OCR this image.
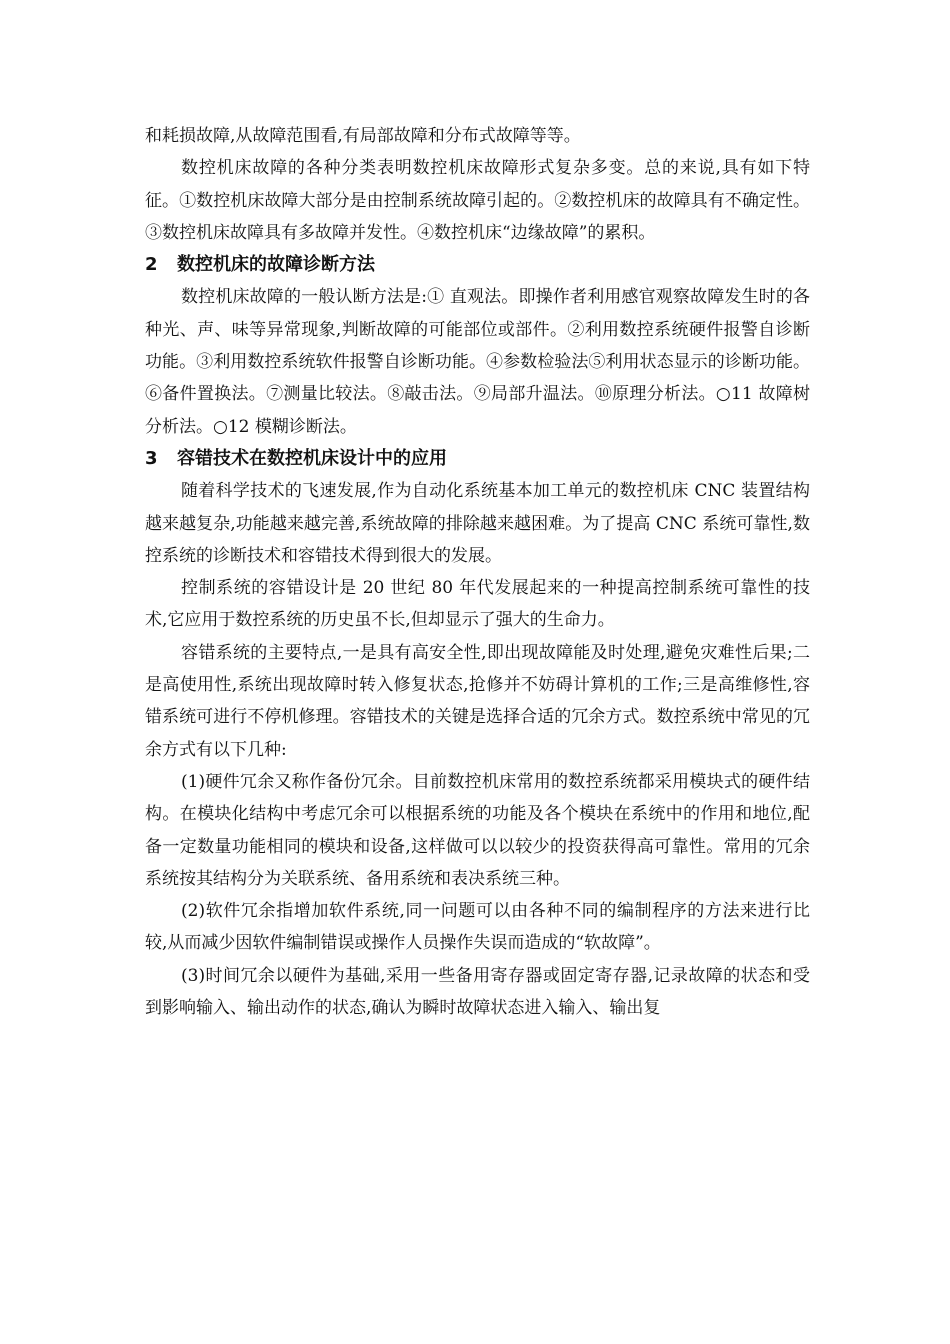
和耗损故障,从故障范围看,有局部故障和分布式故障等等。

数控机床故障的各种分类表明数控机床故障形式复杂多变。总的来说,具有如下特征。①数控机床故障大部分是由控制系统故障引起的。②数控机床的故障具有不确定性。③数控机床故障具有多故障并发性。④数控机床“边缘故障”的累积。

2 数控机床的故障诊断方法

数控机床故障的一般认断方法是:① 直观法。即操作者利用感官观察故障发生时的各种光、声、味等异常现象,判断故障的可能部位或部件。②利用数控系统硬件报警自诊断功能。③利用数控系统软件报警自诊断功能。④参数检验法⑤利用状态显示的诊断功能。⑥备件置换法。⑦测量比较法。⑧敲击法。⑨局部升温法。⑩原理分析法。○11 故障树分析法。○12 模糊诊断法。

3 容错技术在数控机床设计中的应用

随着科学技术的飞速发展,作为自动化系统基本加工单元的数控机床 CNC 装置结构越来越复杂,功能越来越完善,系统故障的排除越来越困难。为了提高 CNC 系统可靠性,数控系统的诊断技术和容错技术得到很大的发展。

控制系统的容错设计是 20 世纪 80 年代发展起来的一种提高控制系统可靠性的技术,它应用于数控系统的历史虽不长,但却显示了强大的生命力。

容错系统的主要特点,一是具有高安全性,即出现故障能及时处理,避免灾难性后果;二是高使用性,系统出现故障时转入修复状态,抢修并不妨碍计算机的工作;三是高维修性,容错系统可进行不停机修理。容错技术的关键是选择合适的冗余方式。数控系统中常见的冗余方式有以下几种:

(1)硬件冗余又称作备份冗余。目前数控机床常用的数控系统都采用模块式的硬件结构。在模块化结构中考虑冗余可以根据系统的功能及各个模块在系统中的作用和地位,配备一定数量功能相同的模块和设备,这样做可以以较少的投资获得高可靠性。常用的冗余系统按其结构分为关联系统、备用系统和表决系统三种。

(2)软件冗余指增加软件系统,同一问题可以由各种不同的编制程序的方法来进行比较,从而减少因软件编制错误或操作人员操作失误而造成的“软故障”。

(3)时间冗余以硬件为基础,采用一些备用寄存器或固定寄存器,记录故障的状态和受到影响输入、输出动作的状态,确认为瞬时故障状态进入输入、输出复
